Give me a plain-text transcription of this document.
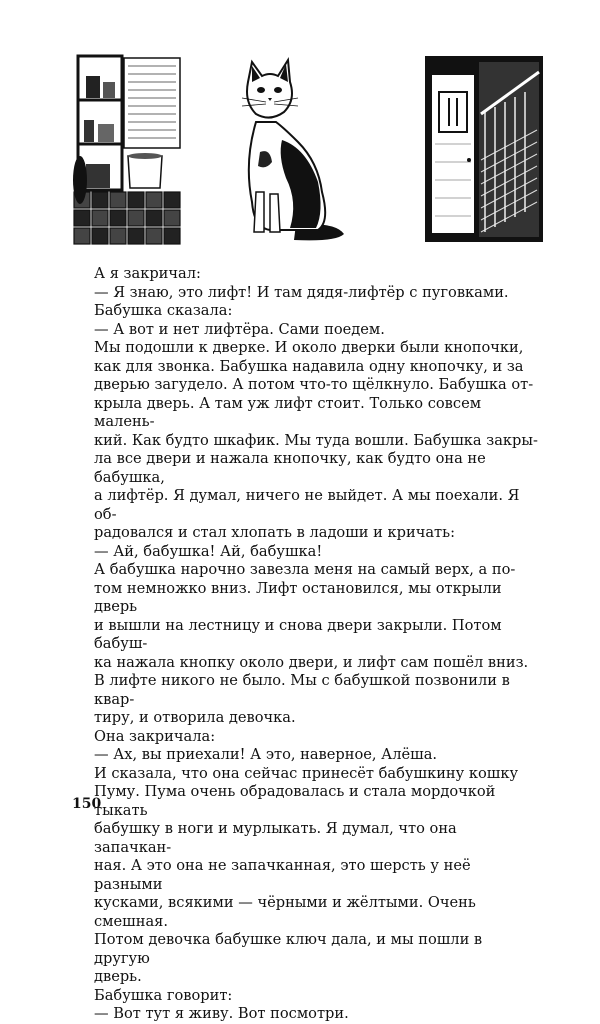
А я закричал:

— Я знаю, это лифт! И там дядя-лифтёр с пуговками.

Бабушка сказала:

— А вот и нет лифтёра. Сами поедем.

Мы подошли к дверке. И около дверки были кнопочки,

как для звонка. Бабушка надавила одну кнопочку, и за

дверью загудело. А потом что-то щёлкнуло. Бабушка от-

крыла дверь. А там уж лифт стоит. Только совсем малень-

кий. Как будто шкафик. Мы туда вошли. Бабушка закры-

ла все двери и нажала кнопочку, как будто она не бабушка,

а лифтёр. Я думал, ничего не выйдет. А мы поехали. Я об-

радовался и стал хлопать в ладоши и кричать:

— Ай, бабушка! Ай, бабушка!

А бабушка нарочно завезла меня на самый верх, а по-

том немножко вниз. Лифт остановился, мы открыли дверь

и вышли на лестницу и снова двери закрыли. Потом бабуш-

ка нажала кнопку около двери, и лифт сам пошёл вниз.

В лифте никого не было. Мы с бабушкой позвонили в квар-

тиру, и отворила девочка.

Она закричала:

— Ах, вы приехали! А это, наверное, Алёша.

И сказала, что она сейчас принесёт бабушкину кошку

Пуму. Пума очень обрадовалась и стала мордочкой тыкать

бабушку в ноги и мурлыкать. Я думал, что она запачкан-

ная. А это она не запачканная, это шерсть у неё разными

кусками, всякими — чёрными и жёлтыми. Очень смешная.

Потом девочка бабушке ключ дала, и мы пошли в другую

дверь.

Бабушка говорит:

— Вот тут я живу. Вот посмотри.

150
